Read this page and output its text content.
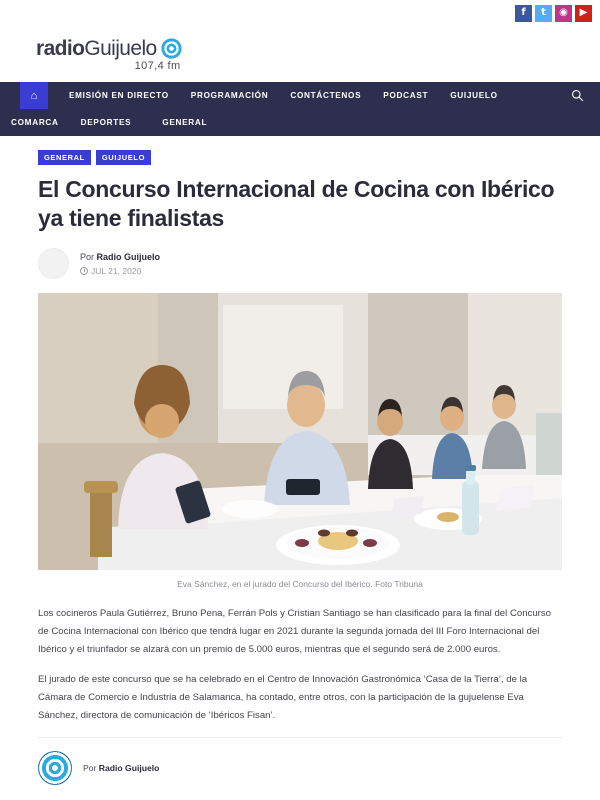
f	t	◉	▶
radioGuijuelo
107,4 fm
⌂	EMISIÓN EN DIRECTO	PROGRAMACIÓN	CONTÁCTENOS	PODCAST	GUIJUELO
COMARCA	DEPORTES	GENERAL
GENERAL	GUIJUELO
El Concurso Internacional de Cocina con Ibérico ya tiene finalistas
Por Radio Guijuelo
JUL 21, 2020
Eva Sánchez, en el jurado del Concurso del Ibérico. Foto Tribuna

Los cocineros Paula Gutiérrez, Bruno Pena, Ferrán Pols y Cristian Santiago se han clasificado para la final del Concurso de Cocina Internacional con Ibérico que tendrá lugar en 2021 durante la segunda jornada del III Foro Internacional del Ibérico y el triunfador se alzará con un premio de 5.000 euros, mientras que el segundo será de 2.000 euros.

El jurado de este concurso que se ha celebrado en el Centro de Innovación Gastronómica ‘Casa de la Tierra’, de la Cámara de Comercio e Industria de Salamanca, ha contado, entre otros, con la participación de la gujuelense Eva Sánchez, directora de comunicación de ‘Ibéricos Fisan’.

Por Radio Guijuelo
